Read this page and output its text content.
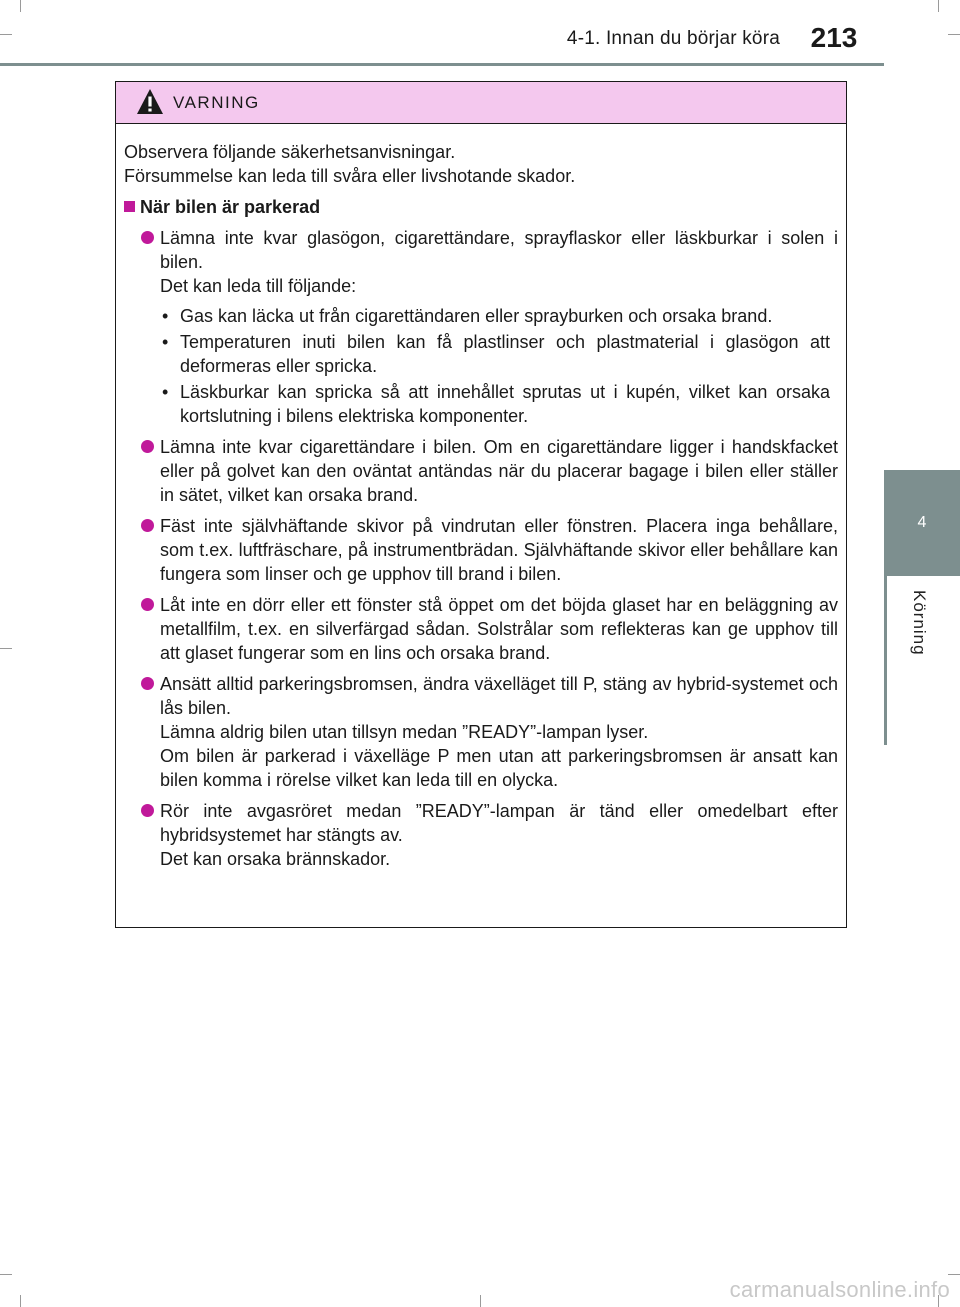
4-1. Innan du börjar köra	213
4
Körning
VARNING
Observera följande säkerhetsanvisningar.
Försummelse kan leda till svåra eller livshotande skador.
När bilen är parkerad

Lämna inte kvar glasögon, cigarettändare, sprayflaskor eller läskburkar i solen i bilen.

Det kan leda till följande:

• Gas kan läcka ut från cigarettändaren eller sprayburken och orsaka brand.
• Temperaturen inuti bilen kan få plastlinser och plastmaterial i glasögon att deformeras eller spricka.
• Läskburkar kan spricka så att innehållet sprutas ut i kupén, vilket kan orsaka kortslutning i bilens elektriska komponenter.

Lämna inte kvar cigarettändare i bilen. Om en cigarettändare ligger i handskfacket eller på golvet kan den oväntat antändas när du placerar bagage i bilen eller ställer in sätet, vilket kan orsaka brand.

Fäst inte självhäftande skivor på vindrutan eller fönstren. Placera inga behållare, som t.ex. luftfräschare, på instrumentbrädan. Självhäftande skivor eller behållare kan fungera som linser och ge upphov till brand i bilen.

Låt inte en dörr eller ett fönster stå öppet om det böjda glaset har en beläggning av metallfilm, t.ex. en silverfärgad sådan. Solstrålar som reflekteras kan ge upphov till att glaset fungerar som en lins och orsaka brand.

Ansätt alltid parkeringsbromsen, ändra växelläget till P, stäng av hybrid-systemet och lås bilen.

Lämna aldrig bilen utan tillsyn medan ”READY”-lampan lyser.

Om bilen är parkerad i växelläge P men utan att parkeringsbromsen är ansatt kan bilen komma i rörelse vilket kan leda till en olycka.

Rör inte avgasröret medan ”READY”-lampan är tänd eller omedelbart efter hybridsystemet har stängts av.

Det kan orsaka brännskador.

carmanualsonline.info
